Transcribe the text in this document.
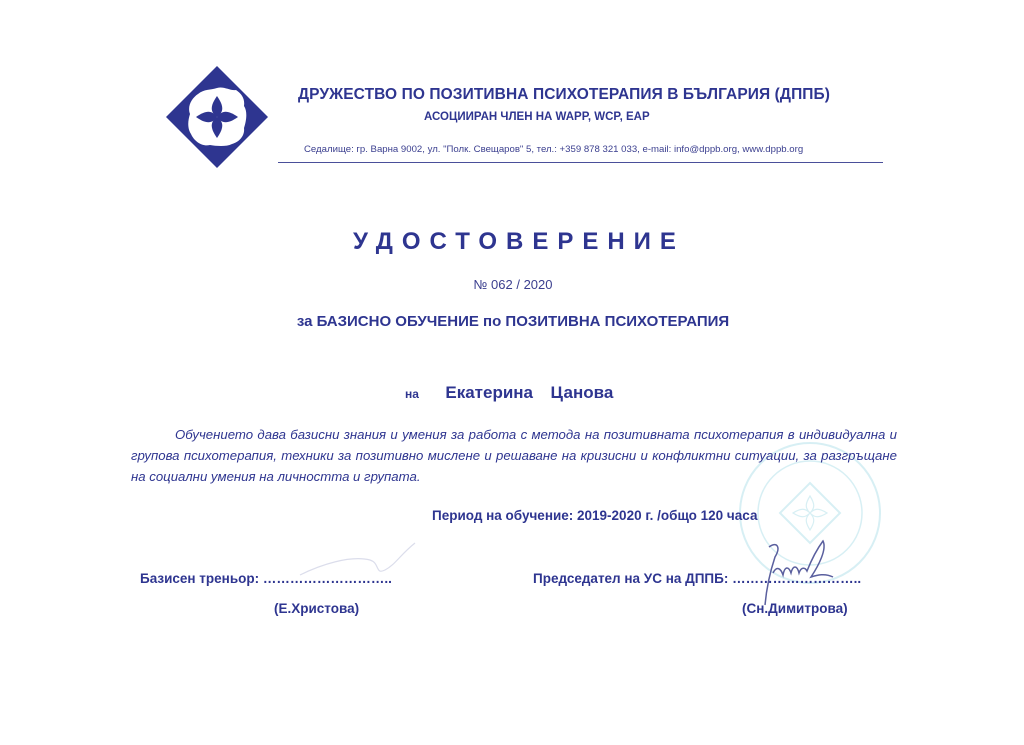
ДРУЖЕСТВО ПО ПОЗИТИВНА ПСИХОТЕРАПИЯ В БЪЛГАРИЯ (ДППБ)
АСОЦИИРАН ЧЛЕН НА WAPP, WCP, EAP
Седалище: гр. Варна 9002, ул. "Полк. Свещаров" 5, тел.: +359 878 321 033, e-mail: info@dppb.org, www.dppb.org
УДОСТОВЕРЕНИЕ
№ 062 / 2020
за БАЗИСНО ОБУЧЕНИЕ по ПОЗИТИВНА ПСИХОТЕРАПИЯ
на Екатерина  Цанова
Обучението дава базисни знания и умения за работа с метода на позитивната психотерапия в индивидуална и групова психотерапия, техники за позитивно мислене и решаване на кризисни и конфликтни ситуации, за разгръщане на социални умения на личността и групата.
Период на обучение: 2019-2020 г. /общо 120 часа
Базисен треньор: ………………………..
(Е.Христова)
Председател на УС на ДППБ: ………………………..
(Сн.Димитрова)
